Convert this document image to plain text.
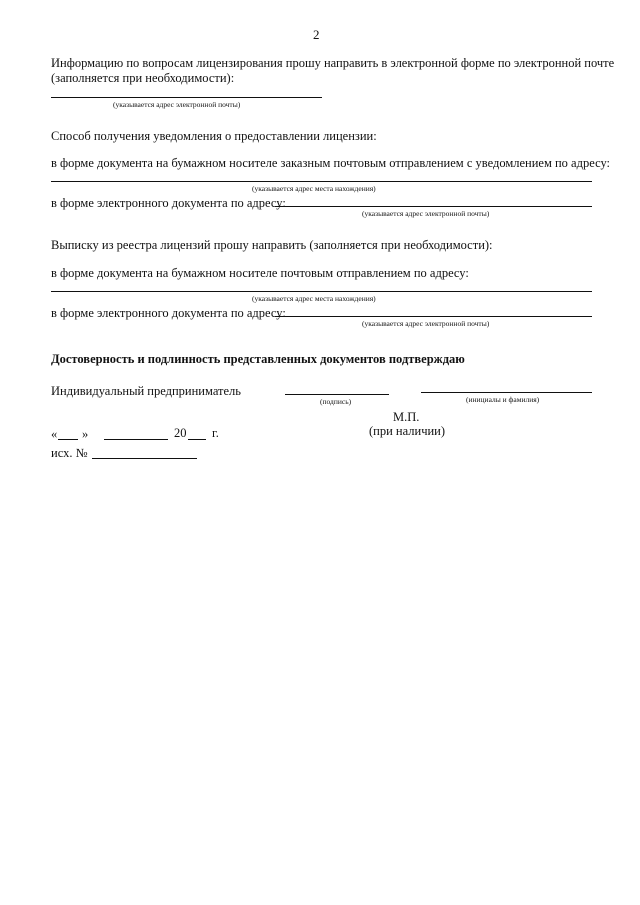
2
Информацию по вопросам лицензирования прошу направить в электронной форме по электронной почте
(заполняется при необходимости):
(указывается адрес электронной почты)
Способ получения уведомления о предоставлении лицензии:
в форме документа на бумажном носителе заказным почтовым отправлением с уведомлением по адресу:
(указывается адрес места нахождения)
в форме электронного документа по адресу:
(указывается адрес электронной почты)
Выписку из реестра лицензий прошу направить (заполняется при необходимости):
в форме документа на бумажном носителе почтовым отправлением по адресу:
(указывается адрес места нахождения)
в форме электронного документа по адресу:
(указывается адрес электронной почты)
Достоверность и подлинность представленных документов подтверждаю
Индивидуальный предприниматель
(подпись)	(инициалы и фамилия)
М.П.
(при наличии)
« »	20 г.
исх. №
